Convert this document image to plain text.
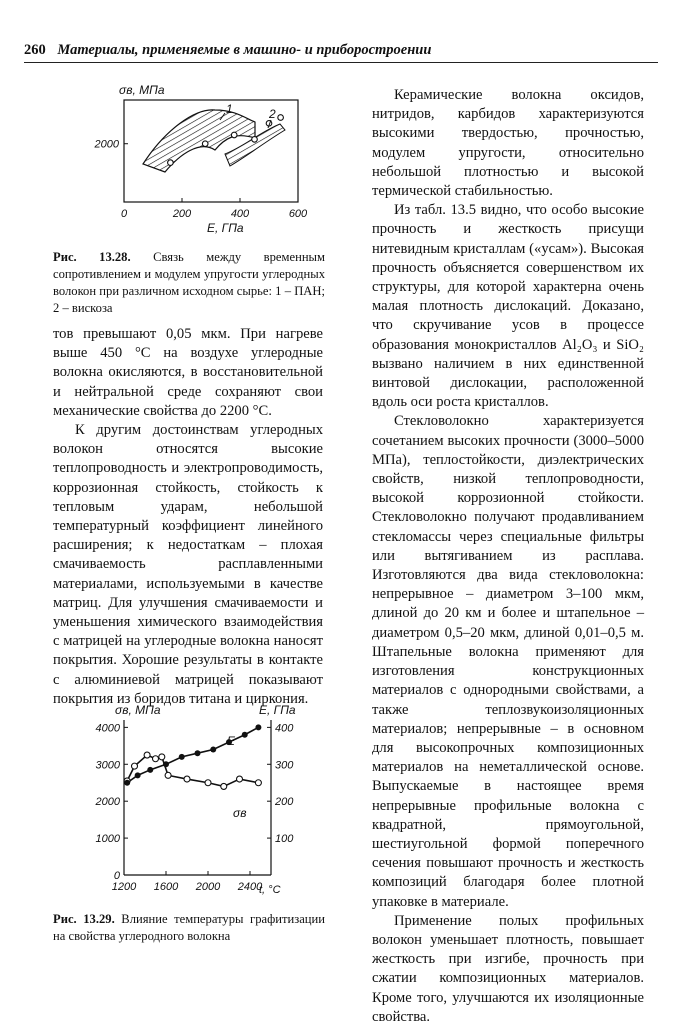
260 Материалы, применяемые в машино- и приборостроении
0	200	400	600
2000
1	2
σв, МПа
E, ГПа
Рис. 13.28. Связь между временным сопротивлением и модулем упругости углеродных волокон при различном исходном сырье: 1 – ПАН; 2 – вискоза

тов превышают 0,05 мкм. При нагреве выше 450 °С на воздухе углеродные волокна окисляются, в восстановительной и нейтральной среде сохраняют свои механические свойства до 2200 °С.

К другим достоинствам углеродных волокон относятся высокие теплопроводность и электропроводимость, коррозионная стойкость, стойкость к тепловым ударам, небольшой температурный коэффициент линейного расширения; к недостаткам – плохая смачиваемость расплавленными материалами, используемыми в качестве матриц. Для улучшения смачиваемости и уменьшения химического взаимодействия с матрицей на углеродные волокна наносят покрытия. Хорошие результаты в контакте с алюминиевой матрицей показывают покрытия из боридов титана и циркония.

0
1000
2000
3000
4000
100
200
300
400
1200 1600 2000 2400
σв, МПа	E, ГПа
E
σв
t, °C
Рис. 13.29. Влияние температуры графитизации на свойства углеродного волокна

Керамические волокна оксидов, нитридов, карбидов характеризуются высокими твердостью, прочностью, модулем упругости, относительно небольшой плотностью и высокой термической стабильностью.

Из табл. 13.5 видно, что особо высокие прочность и жесткость присущи нитевидным кристаллам («усам»). Высокая прочность объясняется совершенством их структуры, для которой характерна очень малая плотность дислокаций. Доказано, что скручивание усов в процессе образования монокристаллов Al₂O₃ и SiO₂ вызвано наличием в них единственной винтовой дислокации, расположенной вдоль оси роста кристаллов.

Стекловолокно характеризуется сочетанием высоких прочности (3000–5000 МПа), теплостойкости, диэлектрических свойств, низкой теплопроводности, высокой коррозионной стойкости. Стекловолокно получают продавливанием стекломассы через специальные фильтры или вытягиванием из расплава. Изготовляются два вида стекловолокна: непрерывное – диаметром 3–100 мкм, длиной до 20 км и более и штапельное – диаметром 0,5–20 мкм, длиной 0,01–0,5 м. Штапельные волокна применяют для изготовления конструкционных материалов с однородными свойствами, а также теплозвукоизоляционных материалов; непрерывные – в основном для высокопрочных композиционных материалов на неметаллической основе. Выпускаемые в настоящее время непрерывные профильные волокна с квадратной, прямоугольной, шестиугольной формой поперечного сечения повышают прочность и жесткость композиций благодаря более плотной упаковке в материале.

Применение полых профильных волокон уменьшает плотность, повышает жесткость при изгибе, прочность при сжатии композиционных материалов. Кроме того, улучшаются их изоляционные свойства.
